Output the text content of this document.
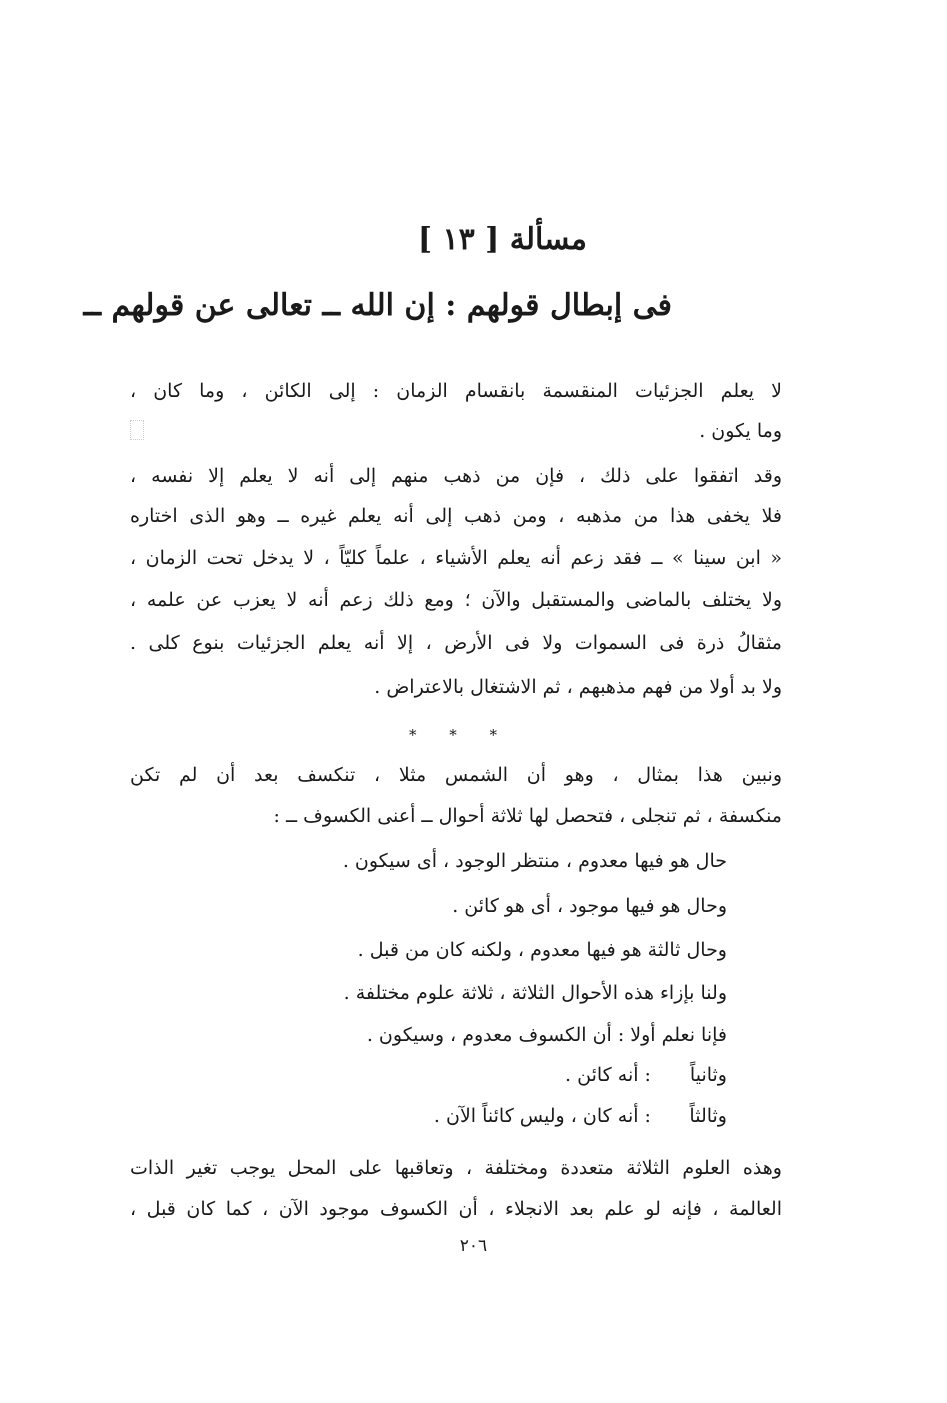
مسألة [ ١٣ ]
فى إبطال قولهم : إن الله ــ تعالى عن قولهم ــ
لا يعلم الجزئيات المنقسمة بانقسام الزمان : إلى الكائن ، وما كان ،
وما يكون .
وقد اتفقوا على ذلك ، فإن من ذهب منهم إلى أنه لا يعلم إلا نفسه ،
فلا يخفى هذا من مذهبه ، ومن ذهب إلى أنه يعلم غيره ــ وهو الذى اختاره
« ابن سينا » ــ فقد زعم أنه يعلم الأشياء ، علماً كليّاً ، لا يدخل تحت الزمان ،
ولا يختلف بالماضى والمستقبل والآن ؛ ومع ذلك زعم أنه لا يعزب عن علمه ،
مثقالُ ذرة فى السموات ولا فى الأرض ، إلا أنه يعلم الجزئيات بنوع كلى .
ولا بد أولا من فهم مذهبهم ، ثم الاشتغال بالاعتراض .
* * *
ونبين هذا بمثال ، وهو أن الشمس مثلا ، تنكسف بعد أن لم تكن
منكسفة ، ثم تنجلى ، فتحصل لها ثلاثة أحوال ــ أعنى الكسوف ــ :
حال هو فيها معدوم ، منتظر الوجود ، أى سيكون .
وحال هو فيها موجود ، أى هو كائن .
وحال ثالثة هو فيها معدوم ، ولكنه كان من قبل .
ولنا بإزاء هذه الأحوال الثلاثة ، ثلاثة علوم مختلفة .
فإنا نعلم أولا : أن الكسوف معدوم ، وسيكون .
وثانياً : أنه كائن .
وثالثاً : أنه كان ، وليس كائناً الآن .
وهذه العلوم الثلاثة متعددة ومختلفة ، وتعاقبها على المحل يوجب تغير الذات
العالمة ، فإنه لو علم بعد الانجلاء ، أن الكسوف موجود الآن ، كما كان قبل ،
٢٠٦
